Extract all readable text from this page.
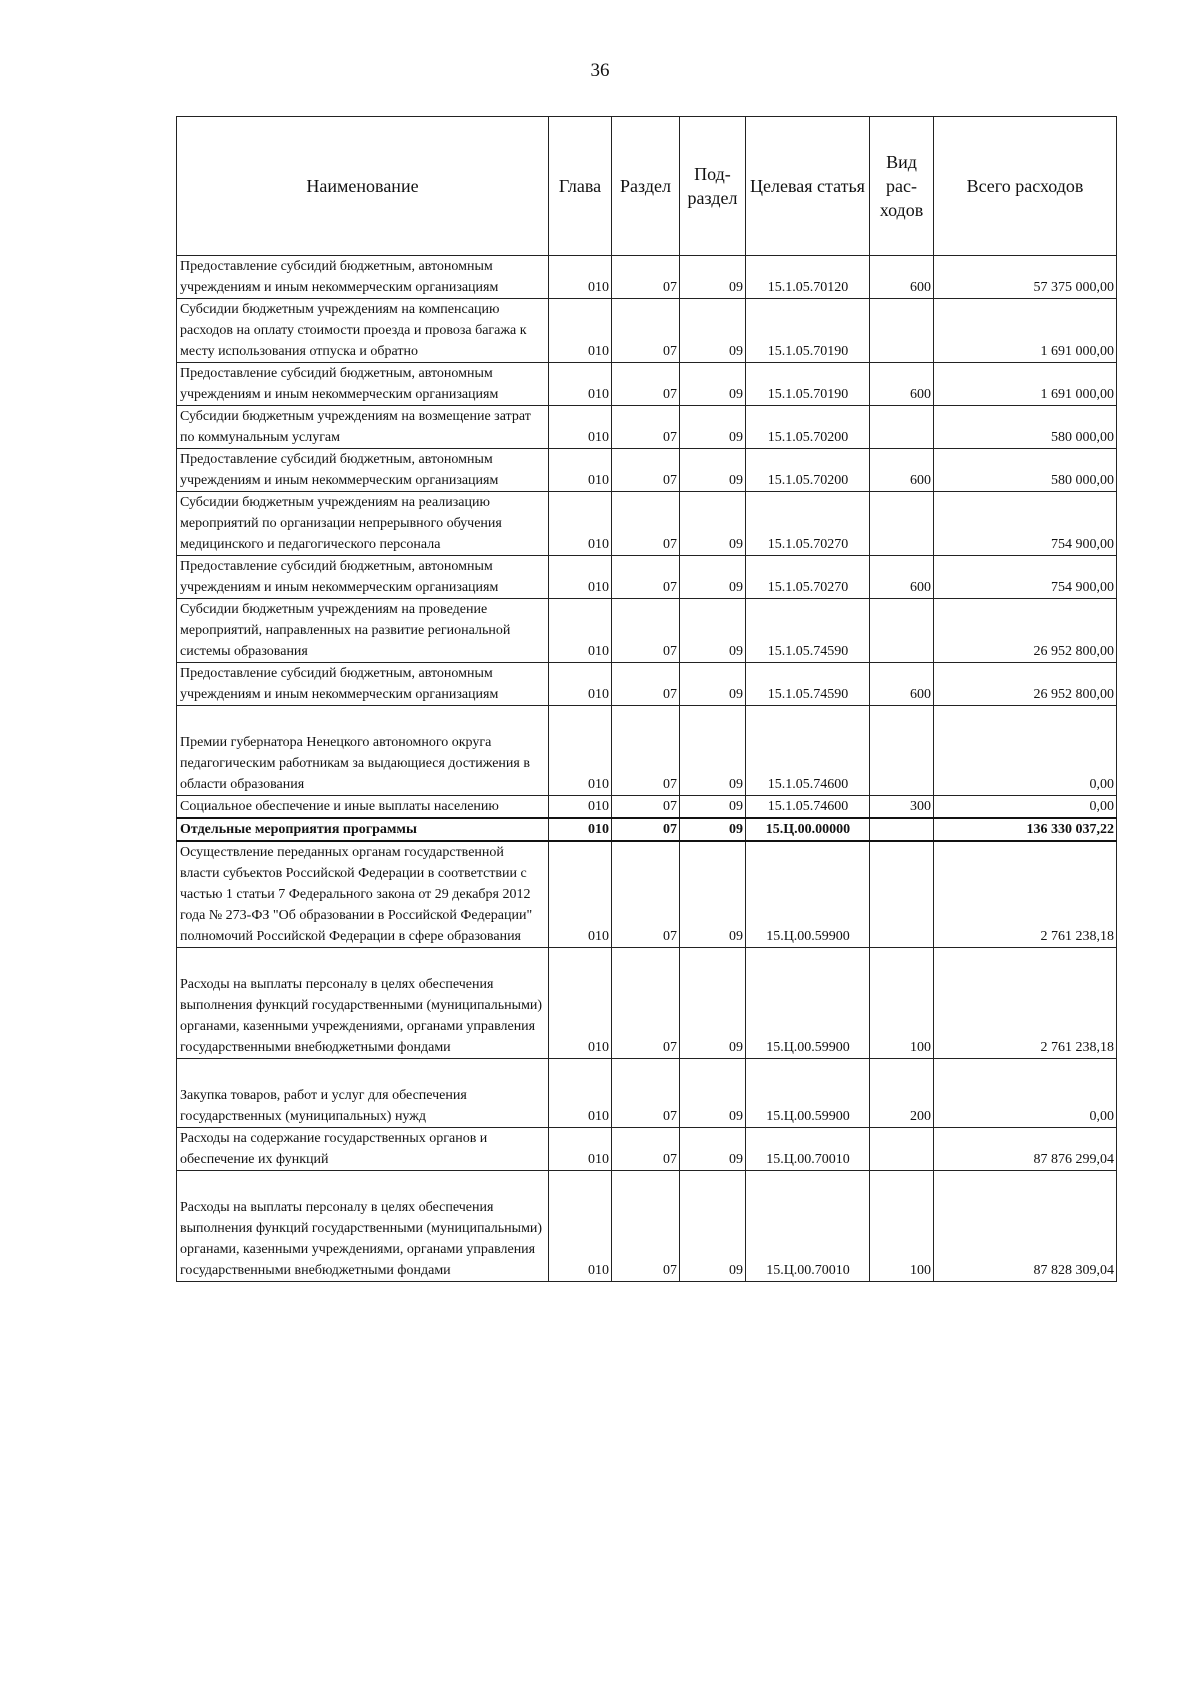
36
Наименование	Глава	Раздел	Под- раздел	Целевая статья	Вид рас- ходов	Всего расходов
Предоставление субсидий бюджетным, автономным учреждениям и иным некоммерческим организациям	010	07	09	15.1.05.70120	600	57 375 000,00
Субсидии бюджетным учреждениям на компенсацию расходов на оплату стоимости проезда и провоза багажа к месту использования отпуска и обратно	010	07	09	15.1.05.70190		1 691 000,00
Предоставление субсидий бюджетным, автономным учреждениям и иным некоммерческим организациям	010	07	09	15.1.05.70190	600	1 691 000,00
Субсидии бюджетным учреждениям на возмещение затрат по коммунальным услугам	010	07	09	15.1.05.70200		580 000,00
Предоставление субсидий бюджетным, автономным учреждениям и иным некоммерческим организациям	010	07	09	15.1.05.70200	600	580 000,00
Субсидии бюджетным учреждениям на реализацию мероприятий по организации непрерывного обучения медицинского и педагогического персонала	010	07	09	15.1.05.70270		754 900,00
Предоставление субсидий бюджетным, автономным учреждениям и иным некоммерческим организациям	010	07	09	15.1.05.70270	600	754 900,00
Субсидии бюджетным учреждениям на проведение мероприятий, направленных на развитие региональной системы образования	010	07	09	15.1.05.74590		26 952 800,00
Предоставление субсидий бюджетным, автономным учреждениям и иным некоммерческим организациям	010	07	09	15.1.05.74590	600	26 952 800,00
Премии губернатора Ненецкого автономного округа педагогическим работникам за выдающиеся достижения в области образования	010	07	09	15.1.05.74600		0,00
Социальное обеспечение и иные выплаты населению	010	07	09	15.1.05.74600	300	0,00
Отдельные мероприятия программы	010	07	09	15.Ц.00.00000		136 330 037,22
Осуществление переданных органам государственной власти субъектов Российской Федерации в соответствии с частью 1 статьи 7 Федерального закона от 29 декабря 2012 года № 273-ФЗ "Об образовании в Российской Федерации" полномочий Российской Федерации в сфере образования	010	07	09	15.Ц.00.59900		2 761 238,18
Расходы на выплаты персоналу в целях обеспечения выполнения функций государственными (муниципальными) органами, казенными учреждениями, органами управления государственными внебюджетными фондами	010	07	09	15.Ц.00.59900	100	2 761 238,18
Закупка товаров, работ и услуг для обеспечения государственных (муниципальных) нужд	010	07	09	15.Ц.00.59900	200	0,00
Расходы на содержание государственных органов и обеспечение их функций	010	07	09	15.Ц.00.70010		87 876 299,04
Расходы на выплаты персоналу в целях обеспечения выполнения функций государственными (муниципальными) органами, казенными учреждениями, органами управления государственными внебюджетными фондами	010	07	09	15.Ц.00.70010	100	87 828 309,04
